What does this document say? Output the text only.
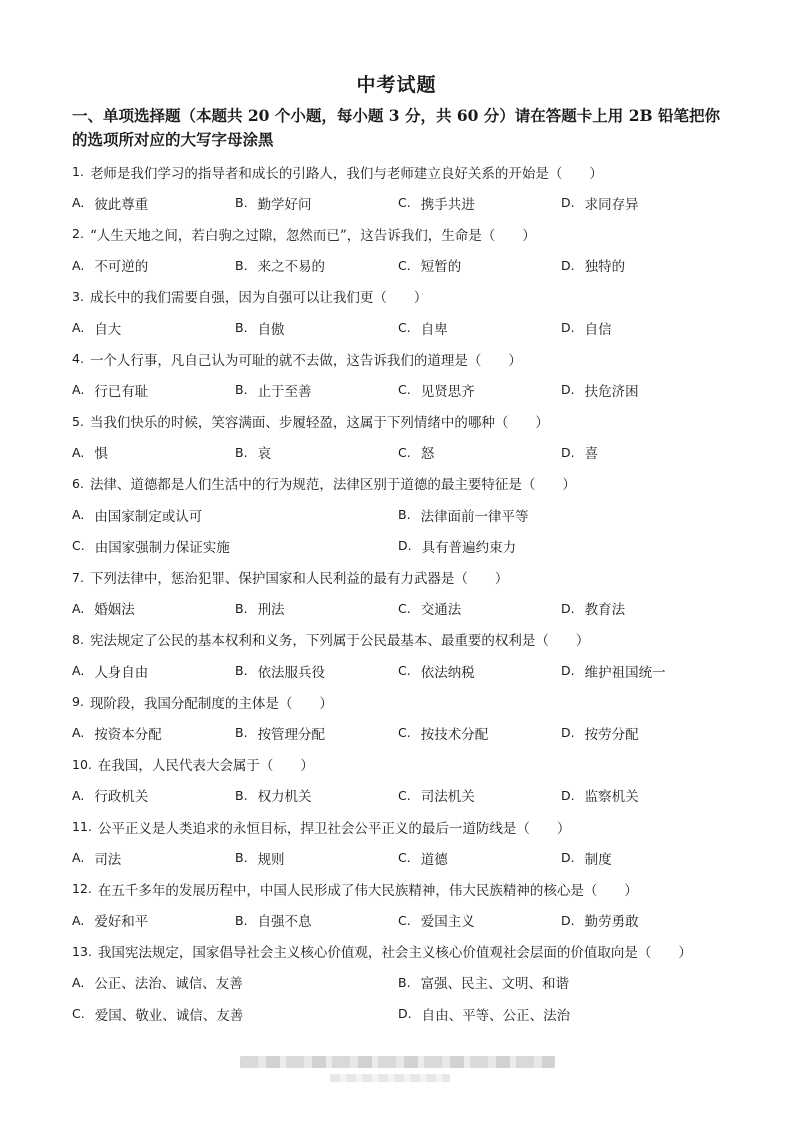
中考试题
一、单项选择题（本题共 20 个小题，每小题 3 分，共 60 分）请在答题卡上用 2B 铅笔把你的选项所对应的大写字母涂黑
1. 老师是我们学习的指导者和成长的引路人，我们与老师建立良好关系的开始是（　　）
A. 彼此尊重	B. 勤学好问	C. 携手共进	D. 求同存异
2. “人生天地之间，若白驹之过隙，忽然而已”，这告诉我们，生命是（　　）
A. 不可逆的	B. 来之不易的	C. 短暂的	D. 独特的
3. 成长中的我们需要自强，因为自强可以让我们更（　　）
A. 自大	B. 自傲	C. 自卑	D. 自信
4. 一个人行事，凡自己认为可耻的就不去做，这告诉我们的道理是（　　）
A. 行已有耻	B. 止于至善	C. 见贤思齐	D. 扶危济困
5. 当我们快乐的时候，笑容满面、步履轻盈，这属于下列情绪中的哪种（　　）
A. 惧	B. 哀	C. 怒	D. 喜
6. 法律、道德都是人们生活中的行为规范，法律区别于道德的最主要特征是（　　）
A. 由国家制定或认可	B. 法律面前一律平等
C. 由国家强制力保证实施	D. 具有普遍约束力
7. 下列法律中，惩治犯罪、保护国家和人民利益的最有力武器是（　　）
A. 婚姻法	B. 刑法	C. 交通法	D. 教育法
8. 宪法规定了公民的基本权利和义务，下列属于公民最基本、最重要的权利是（　　）
A. 人身自由	B. 依法服兵役	C. 依法纳税	D. 维护祖国统一
9. 现阶段，我国分配制度的主体是（　　）
A. 按资本分配	B. 按管理分配	C. 按技术分配	D. 按劳分配
10. 在我国，人民代表大会属于（　　）
A. 行政机关	B. 权力机关	C. 司法机关	D. 监察机关
11. 公平正义是人类追求的永恒目标，捍卫社会公平正义的最后一道防线是（　　）
A. 司法	B. 规则	C. 道德	D. 制度
12. 在五千多年的发展历程中，中国人民形成了伟大民族精神，伟大民族精神的核心是（　　）
A. 爱好和平	B. 自强不息	C. 爱国主义	D. 勤劳勇敢
13. 我国宪法规定，国家倡导社会主义核心价值观，社会主义核心价值观社会层面的价值取向是（　　）
A. 公正、法治、诚信、友善	B. 富强、民主、文明、和谐
C. 爱国、敬业、诚信、友善	D. 自由、平等、公正、法治
